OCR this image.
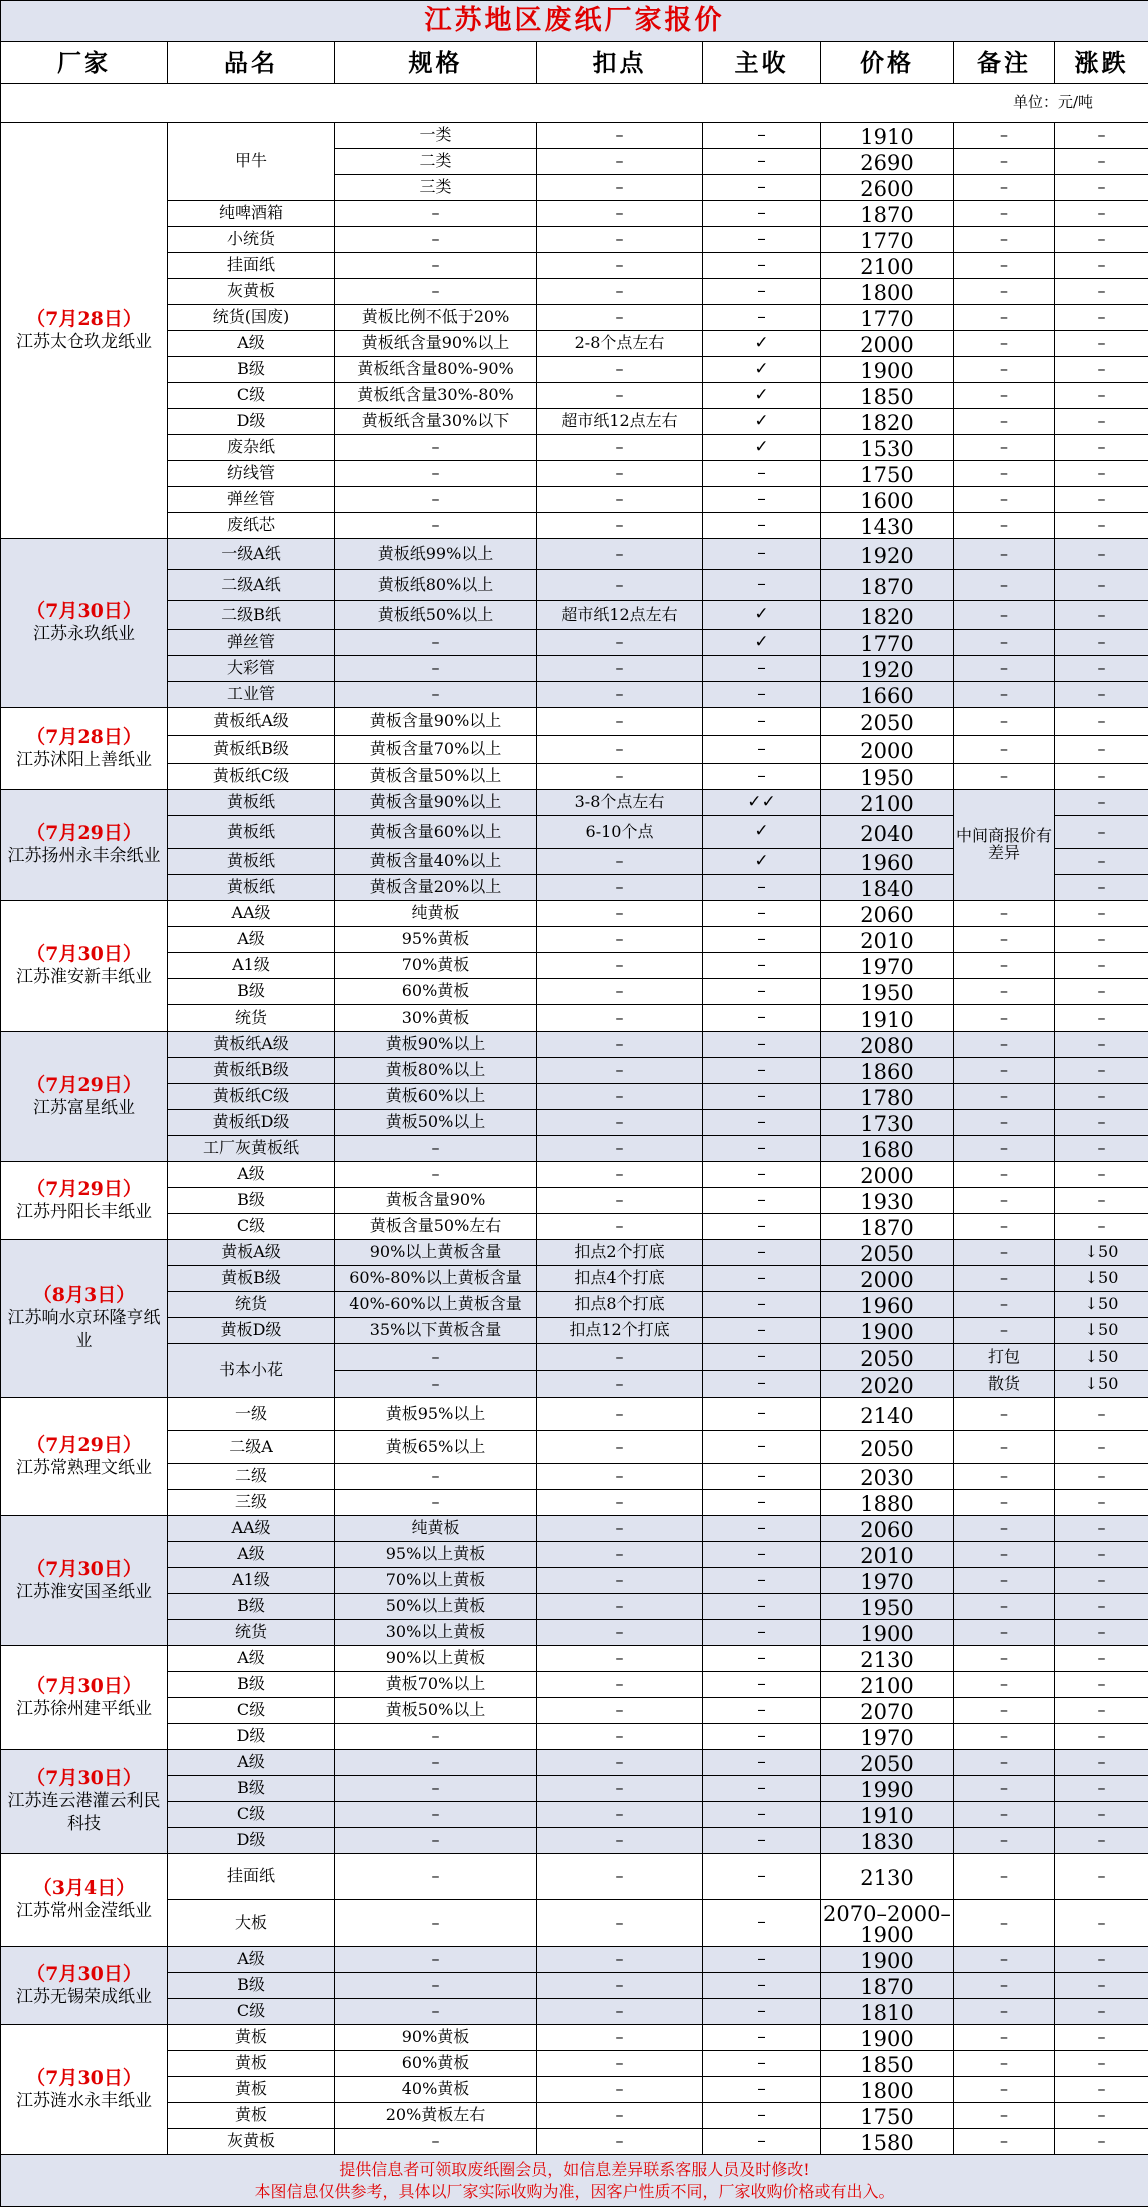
江苏地区废纸厂家报价							
厂家	品名	规格	扣点	主收	价格	备注	涨跌
单位：元/吨							

（7月28日）
江苏太仓玖龙纸业	甲牛	一类	–	–	1910	–	–
		二类	–	–	2690	–	–
		三类	–	–	2600	–	–
	纯啤酒箱	–	–	–	1870	–	–
	小统货	–	–	–	1770	–	–
	挂面纸	–	–	–	2100	–	–
	灰黄板	–	–	–	1800	–	–
	统货(国废)	黄板比例不低于20%	–	–	1770	–	–
	A级	黄板纸含量90%以上	2-8个点左右	✓	2000	–	–
	B级	黄板纸含量80%-90%	–	✓	1900	–	–
	C级	黄板纸含量30%-80%	–	✓	1850	–	–
	D级	黄板纸含量30%以下	超市纸12点左右	✓	1820	–	–
	废杂纸	–	–	✓	1530	–	–
	纺线管	–	–	–	1750	–	–
	弹丝管	–	–	–	1600	–	–
	废纸芯	–	–	–	1430	–	–

（7月30日）
江苏永玖纸业	一级A纸	黄板纸99%以上	–	–	1920	–	–
	二级A纸	黄板纸80%以上	–	–	1870	–	–
	二级B纸	黄板纸50%以上	超市纸12点左右	✓	1820	–	–
	弹丝管	–	–	✓	1770	–	–
	大彩管	–	–	–	1920	–	–
	工业管	–	–	–	1660	–	–

（7月28日）
江苏沭阳上善纸业	黄板纸A级	黄板含量90%以上	–	–	2050	–	–
	黄板纸B级	黄板含量70%以上	–	–	2000	–	–
	黄板纸C级	黄板含量50%以上	–	–	1950	–	–

（7月29日）
江苏扬州永丰余纸业	黄板纸	黄板含量90%以上	3-8个点左右	✓✓	2100	中间商报价有差异	–
	黄板纸	黄板含量60%以上	6-10个点	✓	2040		–
	黄板纸	黄板含量40%以上	–	✓	1960		–
	黄板纸	黄板含量20%以上	–	–	1840		–

（7月30日）
江苏淮安新丰纸业	AA级	纯黄板	–	–	2060	–	–
	A级	95%黄板	–	–	2010	–	–
	A1级	70%黄板	–	–	1970	–	–
	B级	60%黄板	–	–	1950	–	–
	统货	30%黄板	–	–	1910	–	–

（7月29日）
江苏富星纸业	黄板纸A级	黄板90%以上	–	–	2080	–	–
	黄板纸B级	黄板80%以上	–	–	1860	–	–
	黄板纸C级	黄板60%以上	–	–	1780	–	–
	黄板纸D级	黄板50%以上	–	–	1730	–	–
	工厂灰黄板纸	–	–	–	1680	–	–

（7月29日）
江苏丹阳长丰纸业	A级	–	–	–	2000	–	–
	B级	黄板含量90%	–	–	1930	–	–
	C级	黄板含量50%左右	–	–	1870	–	–

（8月3日）
江苏响水京环隆亨纸业	黄板A级	90%以上黄板含量	扣点2个打底	–	2050	–	↓50
	黄板B级	60%-80%以上黄板含量	扣点4个打底	–	2000	–	↓50
	统货	40%-60%以上黄板含量	扣点8个打底	–	1960	–	↓50
	黄板D级	35%以下黄板含量	扣点12个打底	–	1900	–	↓50
	书本小花	–	–	–	2050	打包	↓50
		–	–	–	2020	散货	↓50

（7月29日）
江苏常熟理文纸业	一级	黄板95%以上	–	–	2140	–	–
	二级A	黄板65%以上	–	–	2050	–	–
	二级	–	–	–	2030	–	–
	三级	–	–	–	1880	–	–

（7月30日）
江苏淮安国圣纸业	AA级	纯黄板	–	–	2060	–	–
	A级	95%以上黄板	–	–	2010	–	–
	A1级	70%以上黄板	–	–	1970	–	–
	B级	50%以上黄板	–	–	1950	–	–
	统货	30%以上黄板	–	–	1900	–	–

（7月30日）
江苏徐州建平纸业	A级	90%以上黄板	–	–	2130	–	–
	B级	黄板70%以上	–	–	2100	–	–
	C级	黄板50%以上	–	–	2070	–	–
	D级	–	–	–	1970	–	–

（7月30日）
江苏连云港灌云利民科技	A级	–	–	–	2050	–	–
	B级	–	–	–	1990	–	–
	C级	–	–	–	1910	–	–
	D级	–	–	–	1830	–	–

（3月4日）
江苏常州金滢纸业	挂面纸	–	–	–	2130	–	–
	大板	–	–	–	2070–2000–1900	–	–

（7月30日）
江苏无锡荣成纸业	A级	–	–	–	1900	–	–
	B级	–	–	–	1870	–	–
	C级	–	–	–	1810	–	–

（7月30日）
江苏涟水永丰纸业	黄板	90%黄板	–	–	1900	–	–
	黄板	60%黄板	–	–	1850	–	–
	黄板	40%黄板	–	–	1800	–	–
	黄板	20%黄板左右	–	–	1750	–	–
	灰黄板	–	–	–	1580	–	–

提供信息者可领取废纸圈会员，如信息差异联系客服人员及时修改!
本图信息仅供参考，具体以厂家实际收购为准，因客户性质不同，厂家收购价格或有出入。							
